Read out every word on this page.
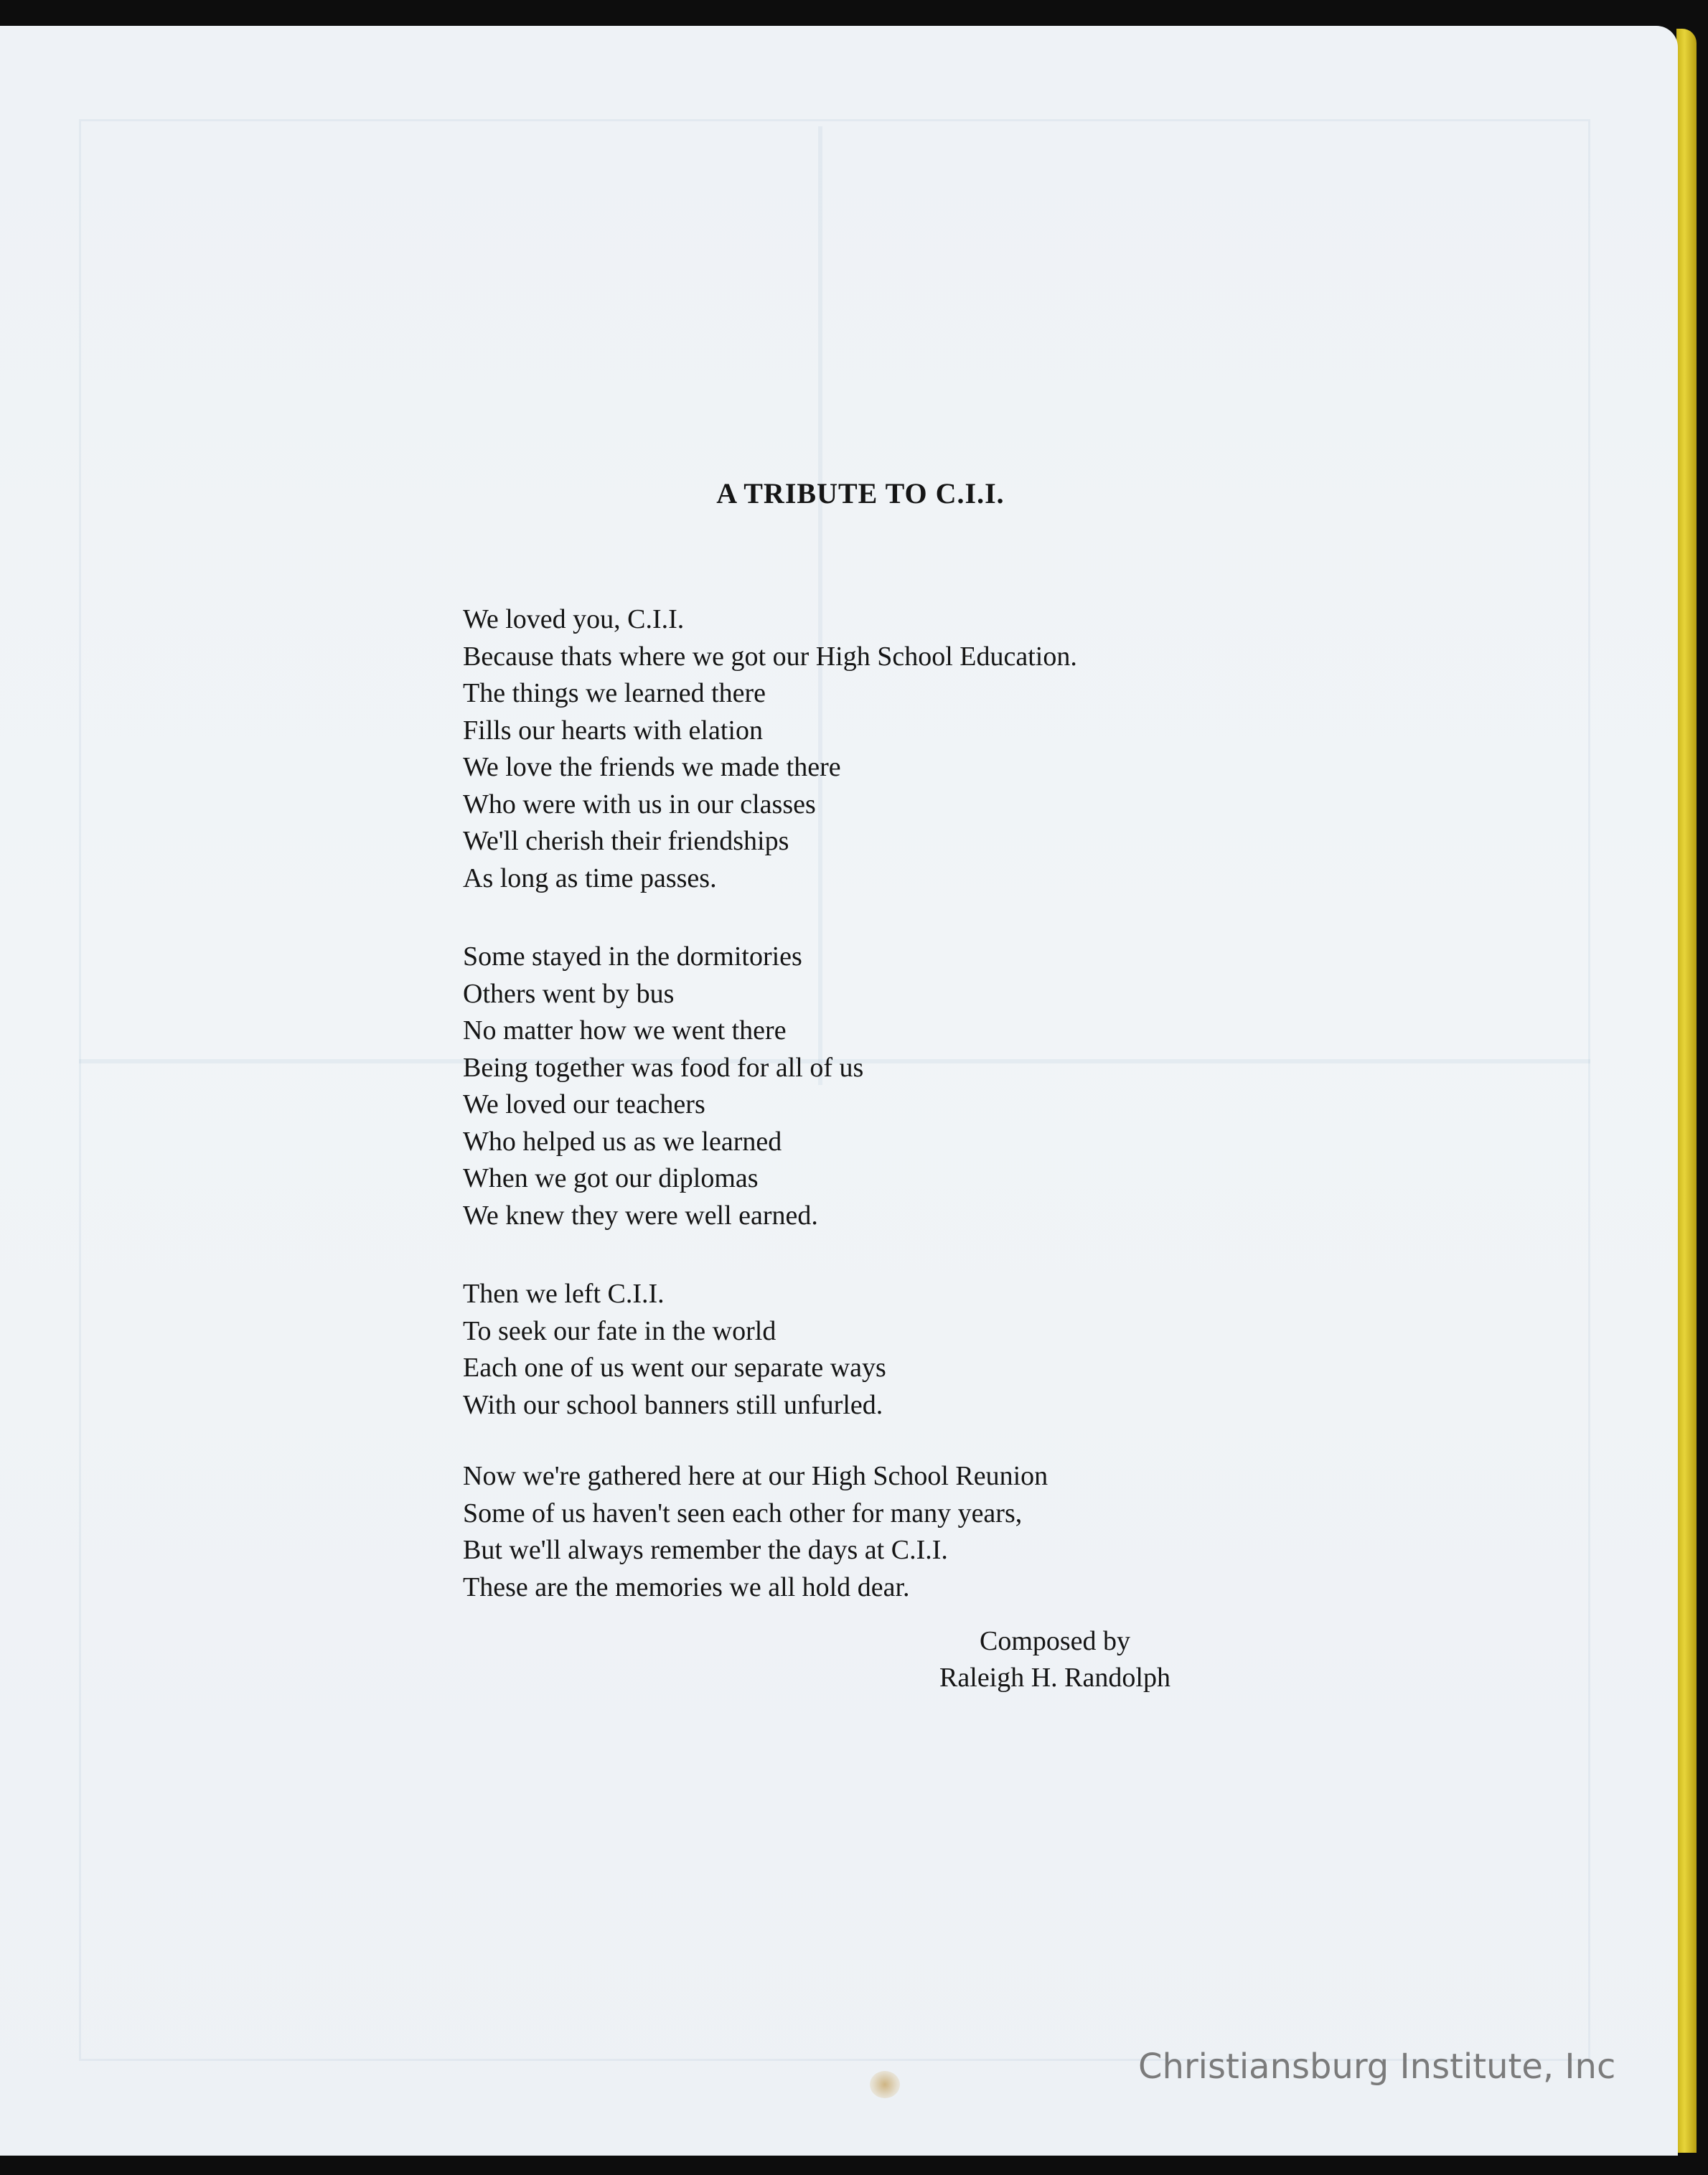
A TRIBUTE TO C.I.I.
We loved you, C.I.I.
Because thats where we got our High School Education.
The things we learned there
Fills our hearts with elation
We love the friends we made there
Who were with us in our classes
We'll cherish their friendships
As long as time passes.
Some stayed in the dormitories
Others went by bus
No matter how we went there
Being together was food for all of us
We loved our teachers
Who helped us as we learned
When we got our diplomas
We knew they were well earned.
Then we left C.I.I.
To seek our fate in the world
Each one of us went our separate ways
With our school banners still unfurled.
Now we're gathered here at our High School Reunion
Some of us haven't seen each other for many years,
But we'll always remember the days at C.I.I.
These are the memories we all hold dear.
Composed by
Raleigh H. Randolph
Christiansburg Institute, Inc
